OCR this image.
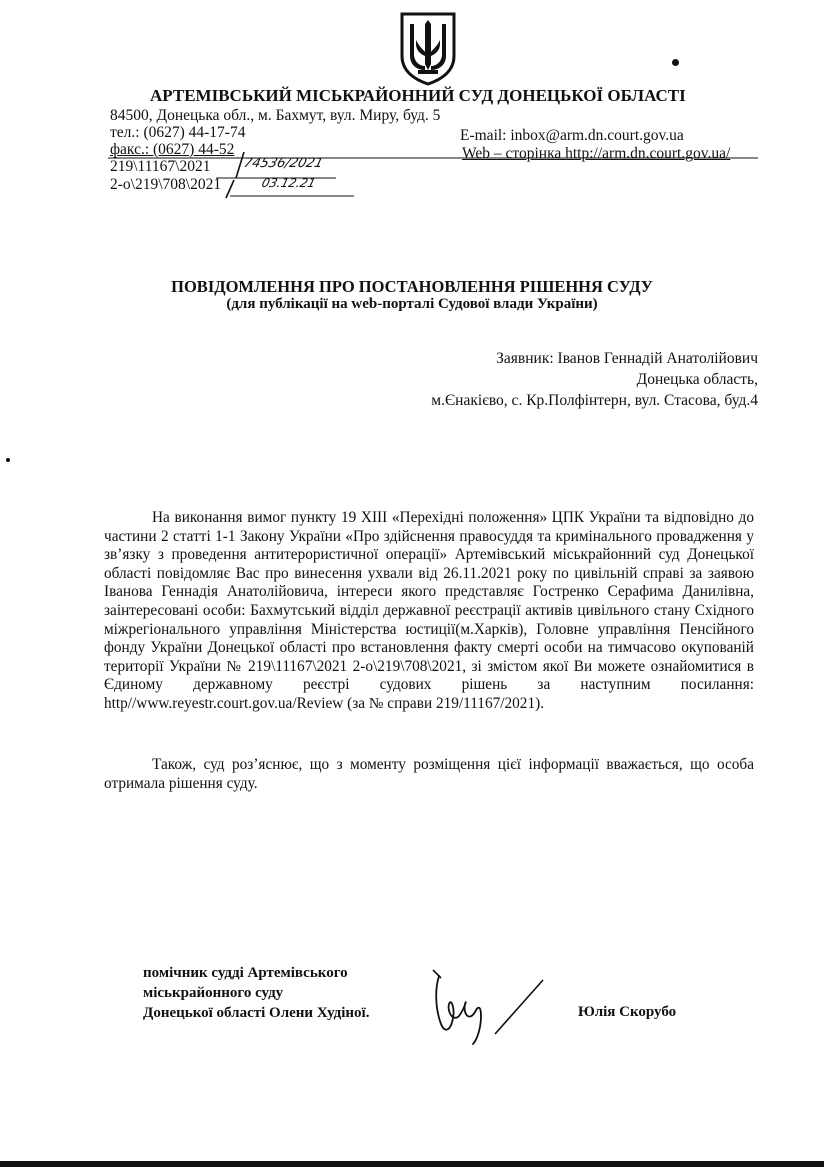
АРТЕМІВСЬКИЙ МІСЬКРАЙОННИЙ СУД ДОНЕЦЬКОЇ ОБЛАСТІ
84500, Донецька обл., м. Бахмут, вул. Миру, буд. 5
тел.: (0627) 44-17-74	E-mail: inbox@arm.dn.court.gov.ua
факс.: (0627) 44-52	Web – сторінка http://arm.dn.court.gov.ua/
219\11167\2021
2-о\219\708\2021
74536/2021
03.12.21
ПОВІДОМЛЕННЯ ПРО ПОСТАНОВЛЕННЯ РІШЕННЯ СУДУ
(для публікації на web-порталі Судової влади України)
Заявник: Іванов Геннадій Анатолійович
Донецька область,
м.Єнакієво, с. Кр.Полфінтерн, вул. Стасова, буд.4

На виконання вимог пункту 19 ХІІІ «Перехідні положення» ЦПК України та відповідно до частини 2 статті 1-1 Закону України «Про здійснення правосуддя та кримінального провадження у зв’язку з проведення антитерористичної операції» Артемівський міськрайонний суд Донецької області повідомляє Вас про винесення ухвали від 26.11.2021 року по цивільній справі за заявою Іванова Геннадія Анатолійовича, інтереси якого представляє Гостренко Серафима Данилівна, заінтересовані особи: Бахмутський відділ державної реєстрації активів цивільного стану Східного міжрегіонального управління Міністерства юстиції(м.Харків), Головне управління Пенсійного фонду України Донецької області про встановлення факту смерті особи на тимчасово окупованій території України № 219\11167\2021 2-о\219\708\2021, зі змістом якої Ви можете ознайомитися в Єдиному державному реєстрі судових рішень за наступним посилання: http//www.reyestr.court.gov.ua/Review (за № справи 219/11167/2021).

Також, суд роз’яснює, що з моменту розміщення цієї інформації вважається, що особа отримала рішення суду.

помічник судді Артемівського
міськрайонного суду
Донецької області Олени Худіної.	Юлія Скорубо
